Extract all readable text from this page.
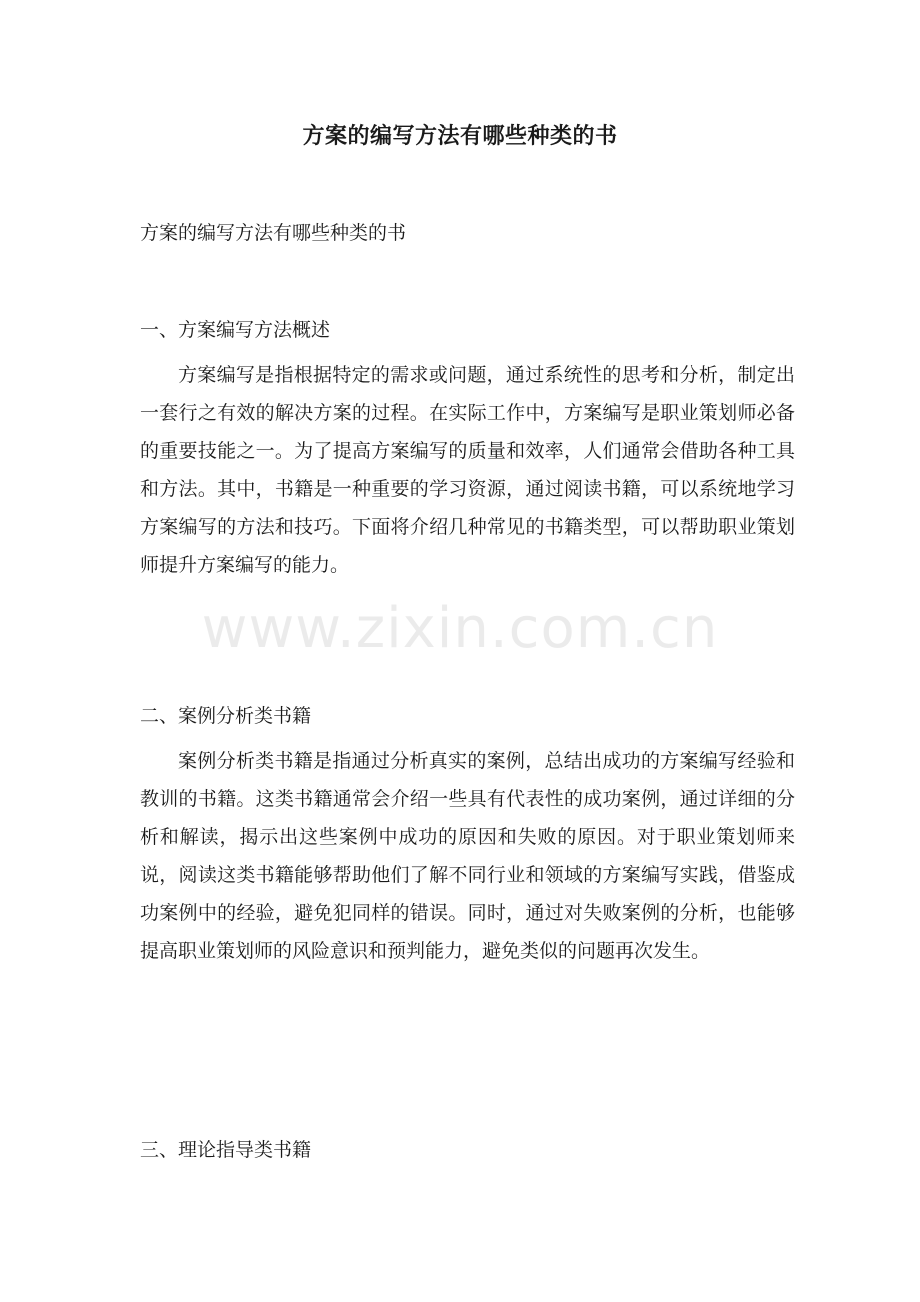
方案的编写方法有哪些种类的书
方案的编写方法有哪些种类的书
一、方案编写方法概述
方案编写是指根据特定的需求或问题，通过系统性的思考和分析，制定出一套行之有效的解决方案的过程。在实际工作中，方案编写是职业策划师必备的重要技能之一。为了提高方案编写的质量和效率，人们通常会借助各种工具和方法。其中，书籍是一种重要的学习资源，通过阅读书籍，可以系统地学习方案编写的方法和技巧。下面将介绍几种常见的书籍类型，可以帮助职业策划师提升方案编写的能力。
二、案例分析类书籍
案例分析类书籍是指通过分析真实的案例，总结出成功的方案编写经验和教训的书籍。这类书籍通常会介绍一些具有代表性的成功案例，通过详细的分析和解读，揭示出这些案例中成功的原因和失败的原因。对于职业策划师来说，阅读这类书籍能够帮助他们了解不同行业和领域的方案编写实践，借鉴成功案例中的经验，避免犯同样的错误。同时，通过对失败案例的分析，也能够提高职业策划师的风险意识和预判能力，避免类似的问题再次发生。
三、理论指导类书籍
www.zixin.com.cn
